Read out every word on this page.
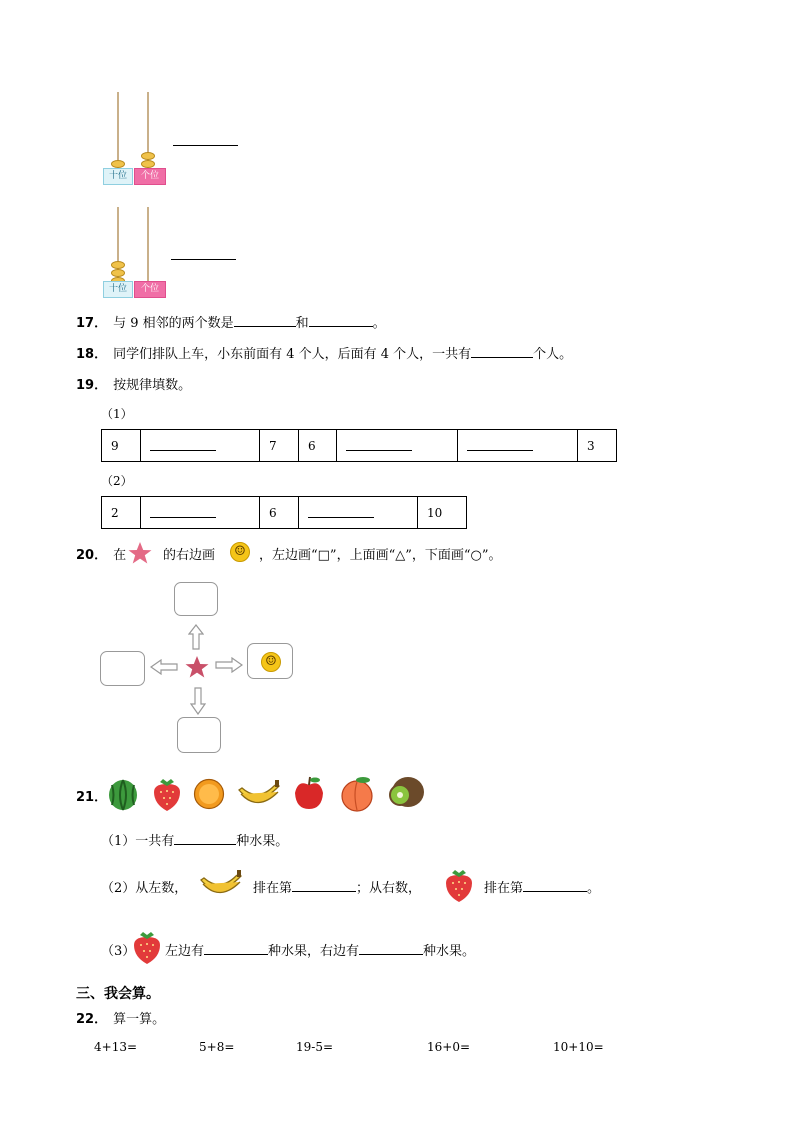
十位	个位
十位	个位
17． 与 9 相邻的两个数是	和	。
18． 同学们排队上车，小东前面有 4 个人，后面有 4 个人，一共有	个人。
19． 按规律填数。
（1）
9		7	6			3
（2）
2		6		10
20． 在	的右边画	☺	，左边画“□”，上面画“△”，下面画“○”。
☺
21．
（1）一共有	种水果。
（2）从左数，	排在第	；从右数，	排在第	。
（3） 左边有	种水果，右边有	种水果。
三、我会算。
22． 算一算。
4+13=	5+8=	19-5=	16+0=	10+10=
